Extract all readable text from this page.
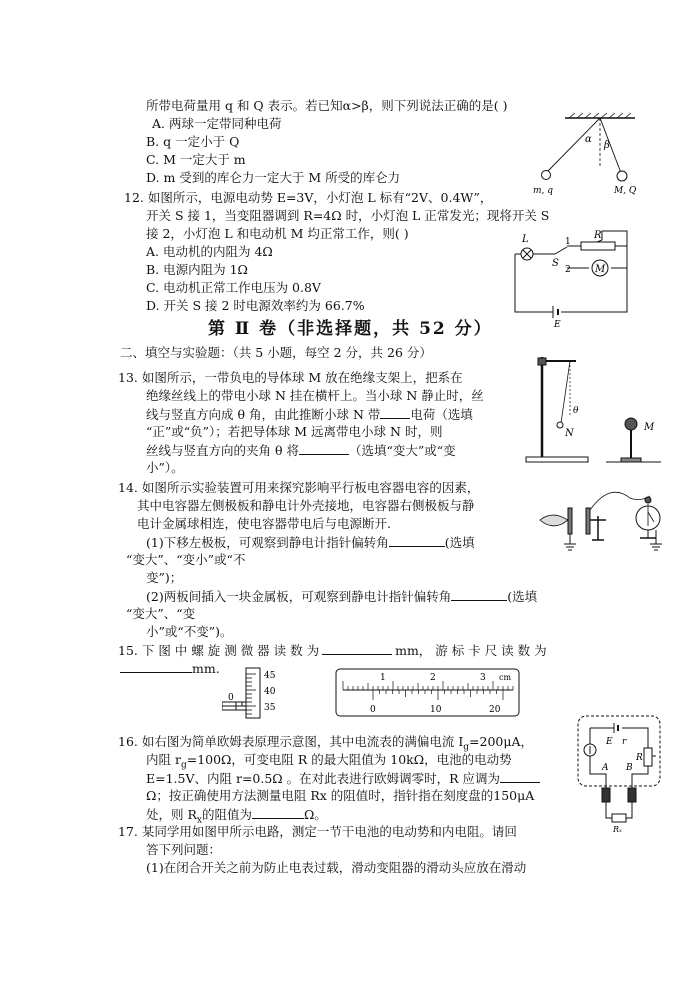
所带电荷量用 q 和 Q 表示。若已知α>β，则下列说法正确的是( )
A. 两球一定带同种电荷
B. q 一定小于 Q
C. M 一定大于 m
D. m 受到的库仑力一定大于 M 所受的库仑力
α
β
m, q	M, Q
12. 如图所示，电源电动势 E=3V，小灯泡 L 标有“2V、0.4W”，
开关 S 接 1，当变阻器调到 R=4Ω 时，小灯泡 L 正常发光；现将开关 S
接 2，小灯泡 L 和电动机 M 均正常工作，则( )
A. 电动机的内阻为 4Ω
B. 电源内阻为 1Ω
C. 电动机正常工作电压为 0.8V
D. 开关 S 接 2 时电源效率约为 66.7%
M
L	R
S
1
2
E
第 Ⅱ 卷（非选择题，共 52 分）
二、填空与实验题：（共 5 小题，每空 2 分，共 26 分）
13. 如图所示，一带负电的导体球 M 放在绝缘支架上，把系在
绝缘丝线上的带电小球 N 挂在横杆上。当小球 N 静止时，丝
线与竖直方向成 θ 角，由此推断小球 N 带 电荷（选填
“正”或“负”）；若把导体球 M 远离带电小球 N 时，则
丝线与竖直方向的夹角 θ 将	（选填“变大”或“变
小”）。
θ
N
M
14. 如图所示实验装置可用来探究影响平行板电容器电容的因素，
其中电容器左侧极板和静电计外壳接地，电容器右侧极板与静
电计金属球相连，使电容器带电后与电源断开.
(1)下移左极板，可观察到静电计指针偏转角	(选填
“变大”、“变小”或“不
变”)；
(2)两板间插入一块金属板，可观察到静电计指针偏转角	(选填
“变大”、“变
小”或“不变”)。
15. 下 图 中 螺 旋 测 微 器 读 数 为	mm， 游 标 卡 尺 读 数 为
mm.	45
40
35
0
1	2	3 cm
0	10	20
16. 如右图为简单欧姆表原理示意图，其中电流表的满偏电流 $I_g=200\mu A$，
内阻 $r_g=100\Omega$，可变电阻 R 的最大阻值为 10kΩ，电池的电动势
E=1.5V、内阻 r=0.5Ω 。在对此表进行欧姆调零时，R 应调为
Ω；按正确使用方法测量电阻 Rx 的阻值时，指针指在刻度盘的150μA
处，则 $R_x$的阻值为	Ω。
E r
R
A B
Rₓ
17. 某同学用如图甲所示电路，测定一节干电池的电动势和内电阻。请回
答下列问题：
(1)在闭合开关之前为防止电表过载，滑动变阻器的滑动头应放在滑动
